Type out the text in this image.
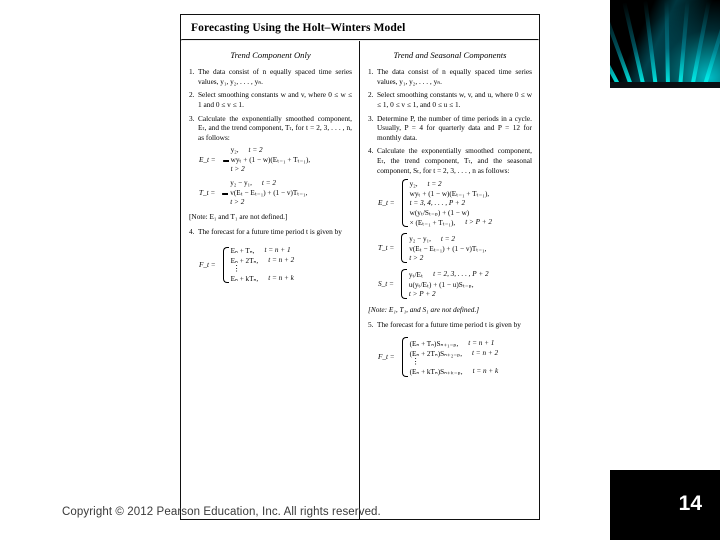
Forecasting Using the Holt–Winters Model
Trend Component Only
1. The data consist of n equally spaced time series values, y₁, y₂, . . . , yₙ.
2. Select smoothing constants w and v, where 0 ≤ w ≤ 1 and 0 ≤ v ≤ 1.
3. Calculate the exponentially smoothed component, Eₜ, and the trend component, Tₜ, for t = 2, 3, . . . , n, as follows:
E_t =
y₂, t = 2
wyₜ + (1 − w)(Eₜ₋₁ + Tₜ₋₁),
t > 2
T_t =
y₂ − y₁, t = 2
v(Eₜ − Eₜ₋₁) + (1 − v)Tₜ₋₁,
t > 2
[Note: E₁ and T₁ are not defined.]
4. The forecast for a future time period t is given by
F_t =
Eₙ + Tₙ, t = n + 1
Eₙ + 2Tₙ, t = n + 2
⋮
Eₙ + kTₙ, t = n + k
Trend and Seasonal Components
1. The data consist of n equally spaced time series values, y₁, y₂, . . . , yₙ.
2. Select smoothing constants w, v, and u, where 0 ≤ w ≤ 1, 0 ≤ v ≤ 1, and 0 ≤ u ≤ 1.
3. Determine P, the number of time periods in a cycle. Usually, P = 4 for quarterly data and P = 12 for monthly data.
4. Calculate the exponentially smoothed component, Eₜ, the trend component, Tₜ, and the seasonal component, Sₜ, for t = 2, 3, . . . , n as follows:
E_t =
y₂, t = 2
wyₜ + (1 − w)(Eₜ₋₁ + Tₜ₋₁),
t = 3, 4, . . . , P + 2
w(yₜ/Sₜ₋ₚ) + (1 − w)
× (Eₜ₋₁ + Tₜ₋₁), t > P + 2
T_t =
y₂ − y₁, t = 2
v(Eₜ − Eₜ₋₁) + (1 − v)Tₜ₋₁,
t > 2
S_t =
yₜ/Eₜ t = 2, 3, . . . , P + 2
u(yₜ/Eₜ) + (1 − u)Sₜ₋ₚ,
t > P + 2
[Note: E₁, T₁, and S₁ are not defined.]
5. The forecast for a future time period t is given by
F_t =
(Eₙ + Tₙ)Sₙ₊₁₋ₚ, t = n + 1
(Eₙ + 2Tₙ)Sₙ₊₂₋ₚ, t = n + 2
⋮
(Eₙ + kTₙ)Sₙ₊ₖ₋ₚ, t = n + k
Copyright © 2012 Pearson Education, Inc. All rights reserved.	14
